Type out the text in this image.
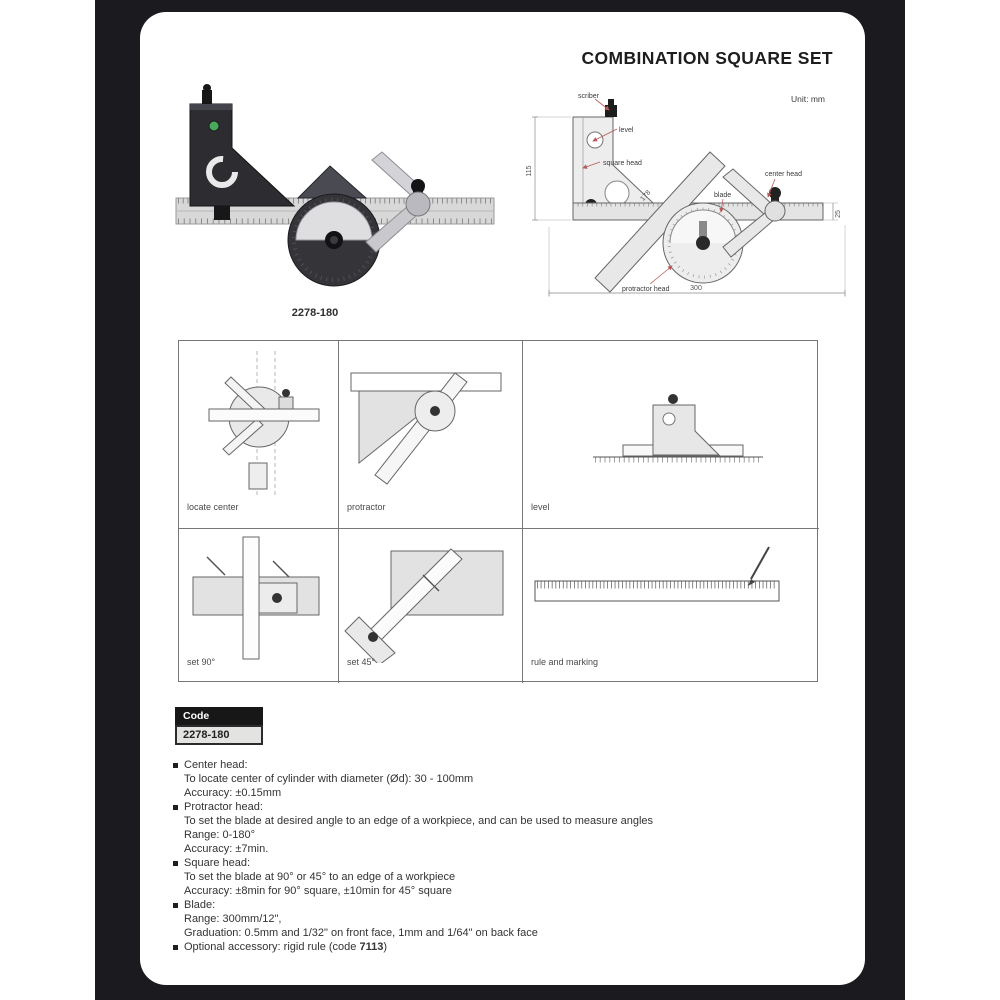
COMBINATION SQUARE SET
Unit: mm
2278-180
115
178
25
300
scriber
level
square head
center head
blade
protractor head
locate center	protractor	level
set 90°	set 45°	rule and marking
Code
2278-180
Center head:
To locate center of cylinder with diameter (Ød): 30 - 100mm
Accuracy: ±0.15mm
Protractor head:
To set the blade at desired angle to an edge of a workpiece, and can be used to measure angles
Range: 0-180°
Accuracy: ±7min.
Square head:
To set the blade at 90° or 45° to an edge of a workpiece
Accuracy: ±8min for 90° square, ±10min for 45° square
Blade:
Range: 300mm/12",
Graduation: 0.5mm and 1/32" on front face, 1mm and 1/64" on back face
Optional accessory: rigid rule (code 7113)
